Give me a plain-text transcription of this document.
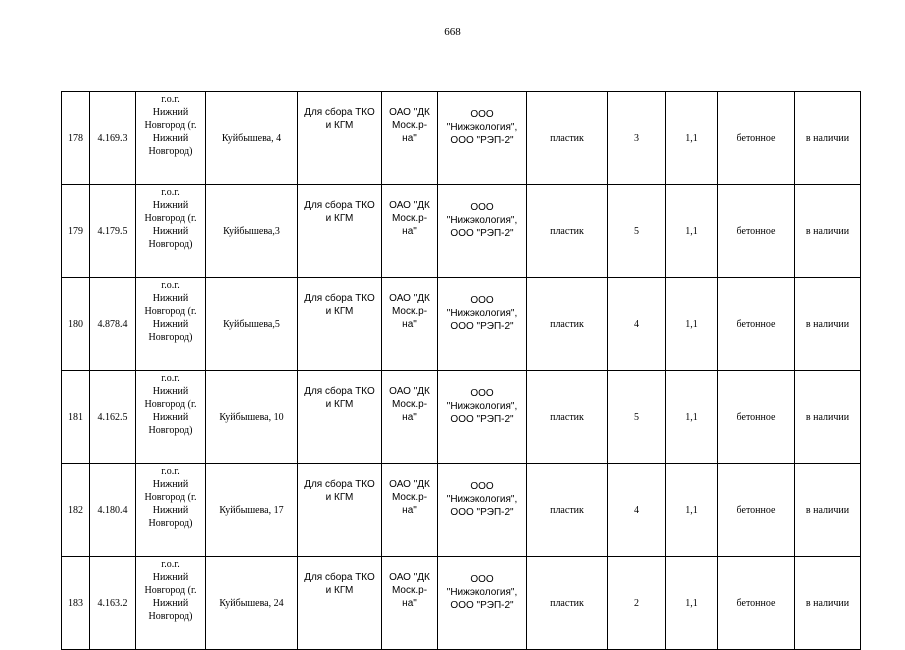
668
178	4.169.3	г.о.г.
Нижний
Новгород (г.
Нижний
Новгород)	Куйбышева, 4	Для сбора ТКО
и КГМ	ОАО "ДК
Моск.р-
на"	ООО
"Нижэкология",
ООО "РЭП-2"	пластик	3	1,1	бетонное	в наличии
179	4.179.5	г.о.г.
Нижний
Новгород (г.
Нижний
Новгород)	Куйбышева,3	Для сбора ТКО
и КГМ	ОАО "ДК
Моск.р-
на"	ООО
"Нижэкология",
ООО "РЭП-2"	пластик	5	1,1	бетонное	в наличии
180	4.878.4	г.о.г.
Нижний
Новгород (г.
Нижний
Новгород)	Куйбышева,5	Для сбора ТКО
и КГМ	ОАО "ДК
Моск.р-
на"	ООО
"Нижэкология",
ООО "РЭП-2"	пластик	4	1,1	бетонное	в наличии
181	4.162.5	г.о.г.
Нижний
Новгород (г.
Нижний
Новгород)	Куйбышева, 10	Для сбора ТКО
и КГМ	ОАО "ДК
Моск.р-
на"	ООО
"Нижэкология",
ООО "РЭП-2"	пластик	5	1,1	бетонное	в наличии
182	4.180.4	г.о.г.
Нижний
Новгород (г.
Нижний
Новгород)	Куйбышева, 17	Для сбора ТКО
и КГМ	ОАО "ДК
Моск.р-
на"	ООО
"Нижэкология",
ООО "РЭП-2"	пластик	4	1,1	бетонное	в наличии
183	4.163.2	г.о.г.
Нижний
Новгород (г.
Нижний
Новгород)	Куйбышева, 24	Для сбора ТКО
и КГМ	ОАО "ДК
Моск.р-
на"	ООО
"Нижэкология",
ООО "РЭП-2"	пластик	2	1,1	бетонное	в наличии
